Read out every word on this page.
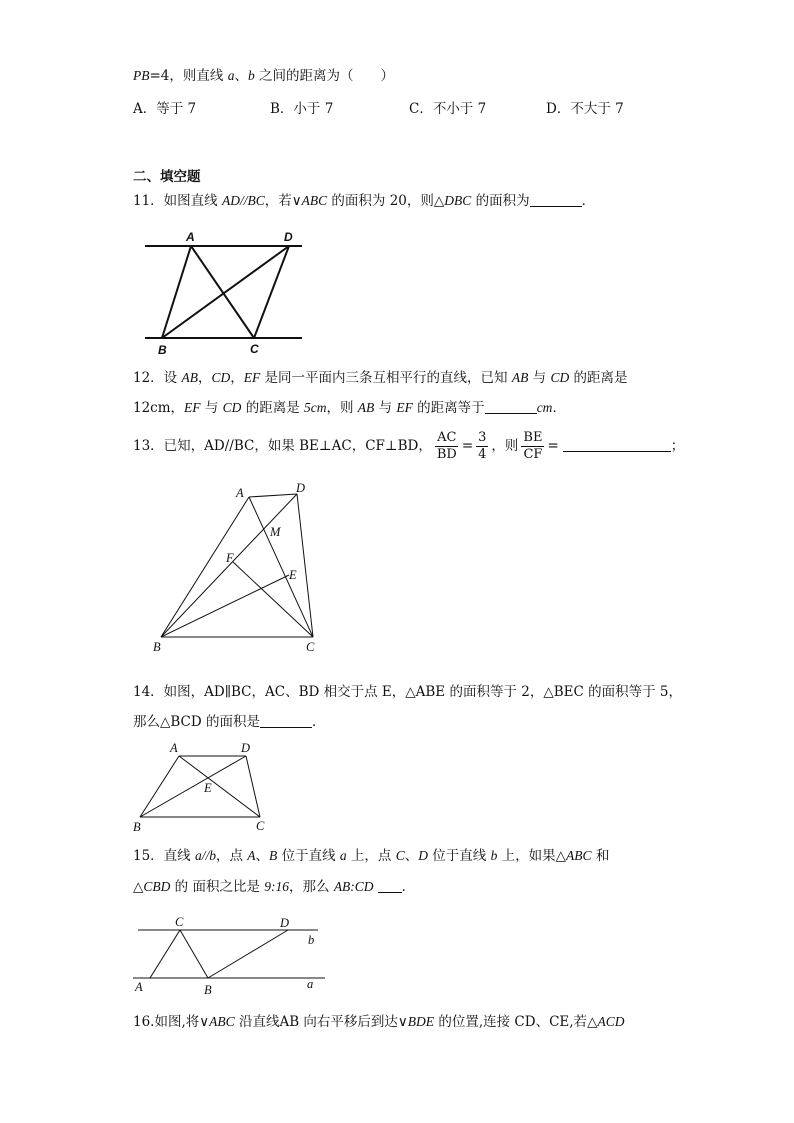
PB=4，则直线 a、b 之间的距离为（　　）
A．等于 7	B．小于 7	C．不小于 7	D．不大于 7
二、填空题
11．如图直线 AD//BC，若∨ABC 的面积为 20，则△DBC 的面积为	．
A	D
B	C
12．设 AB，CD，EF 是同一平面内三条互相平行的直线，已知 AB 与 CD 的距离是
12cm，EF 与 CD 的距离是 5cm，则 AB 与 EF 的距离等于	cm．
13．已知，AD//BC，如果 BE⊥AC，CF⊥BD， $\frac{AC}{BD} = \frac{3}{4}$ ，则 $\frac{BE}{CF}$ =	；
A	D
M
F
E
B	C
14．如图，AD∥BC，AC、BD 相交于点 E，△ABE 的面积等于 2，△BEC 的面积等于 5，
那么△BCD 的面积是	．
A	D
E
B	C
15．直线 a//b，点 A、B 位于直线 a 上，点 C、D 位于直线 b 上，如果△ABC 和
△CBD 的 面积之比是 9:16，那么 AB:CD ．
C	D
b
A	B	a
16.如图,将∨ABC 沿直线AB 向右平移后到达∨BDE 的位置,连接 CD、CE,若△ACD
